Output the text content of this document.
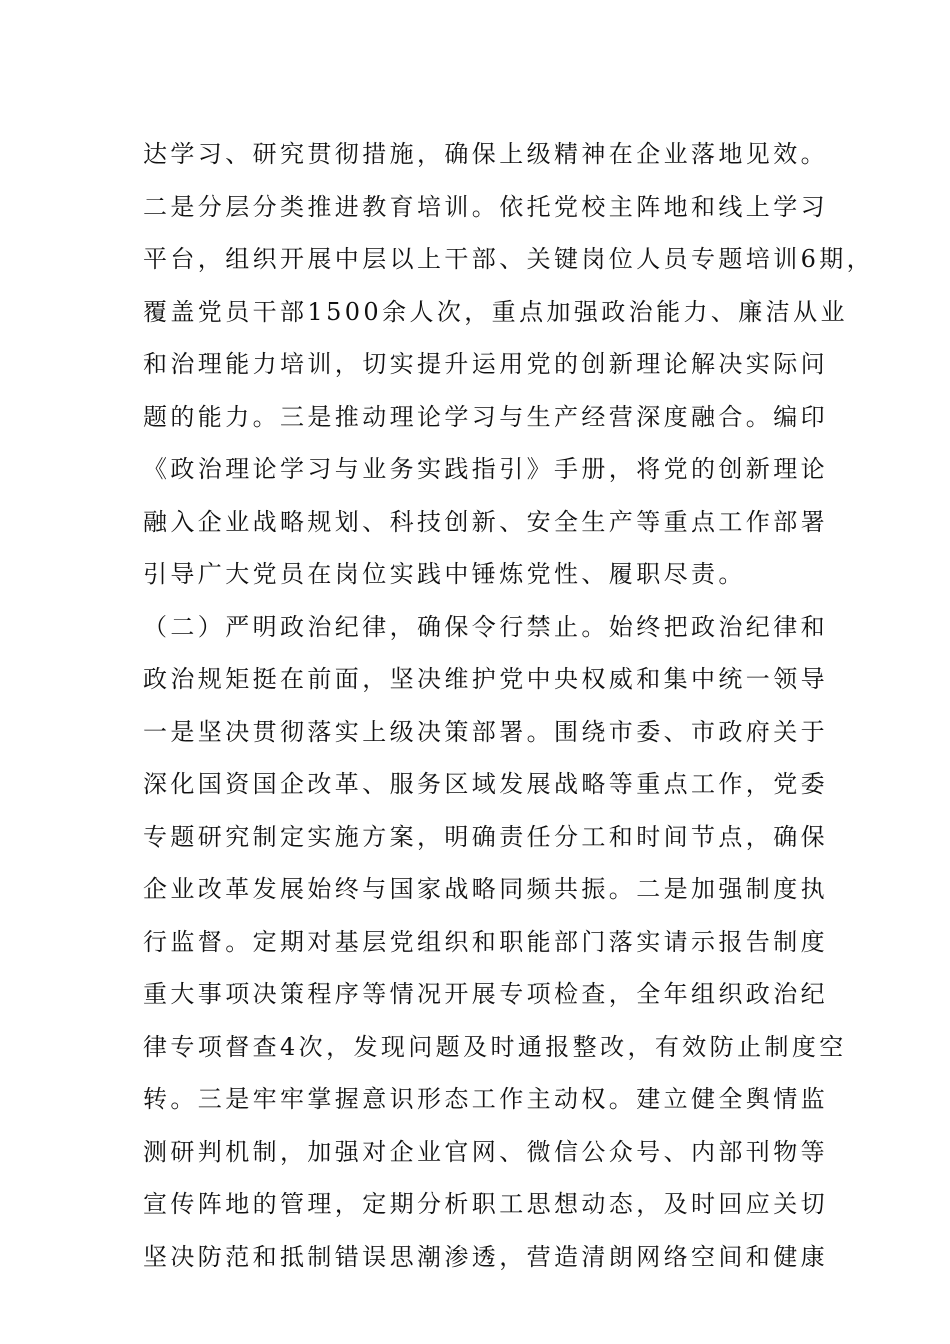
达学习、研究贯彻措施，确保上级精神在企业落地见效。
二是分层分类推进教育培训。依托党校主阵地和线上学习
平台，组织开展中层以上干部、关键岗位人员专题培训6期，
覆盖党员干部1500余人次，重点加强政治能力、廉洁从业
和治理能力培训，切实提升运用党的创新理论解决实际问
题的能力。三是推动理论学习与生产经营深度融合。编印
《政治理论学习与业务实践指引》手册，将党的创新理论
融入企业战略规划、科技创新、安全生产等重点工作部署
引导广大党员在岗位实践中锤炼党性、履职尽责。
（二）严明政治纪律，确保令行禁止。始终把政治纪律和
政治规矩挺在前面，坚决维护党中央权威和集中统一领导
一是坚决贯彻落实上级决策部署。围绕市委、市政府关于
深化国资国企改革、服务区域发展战略等重点工作，党委
专题研究制定实施方案，明确责任分工和时间节点，确保
企业改革发展始终与国家战略同频共振。二是加强制度执
行监督。定期对基层党组织和职能部门落实请示报告制度
重大事项决策程序等情况开展专项检查，全年组织政治纪
律专项督查4次，发现问题及时通报整改，有效防止制度空
转。三是牢牢掌握意识形态工作主动权。建立健全舆情监
测研判机制，加强对企业官网、微信公众号、内部刊物等
宣传阵地的管理，定期分析职工思想动态，及时回应关切
坚决防范和抵制错误思潮渗透，营造清朗网络空间和健康
